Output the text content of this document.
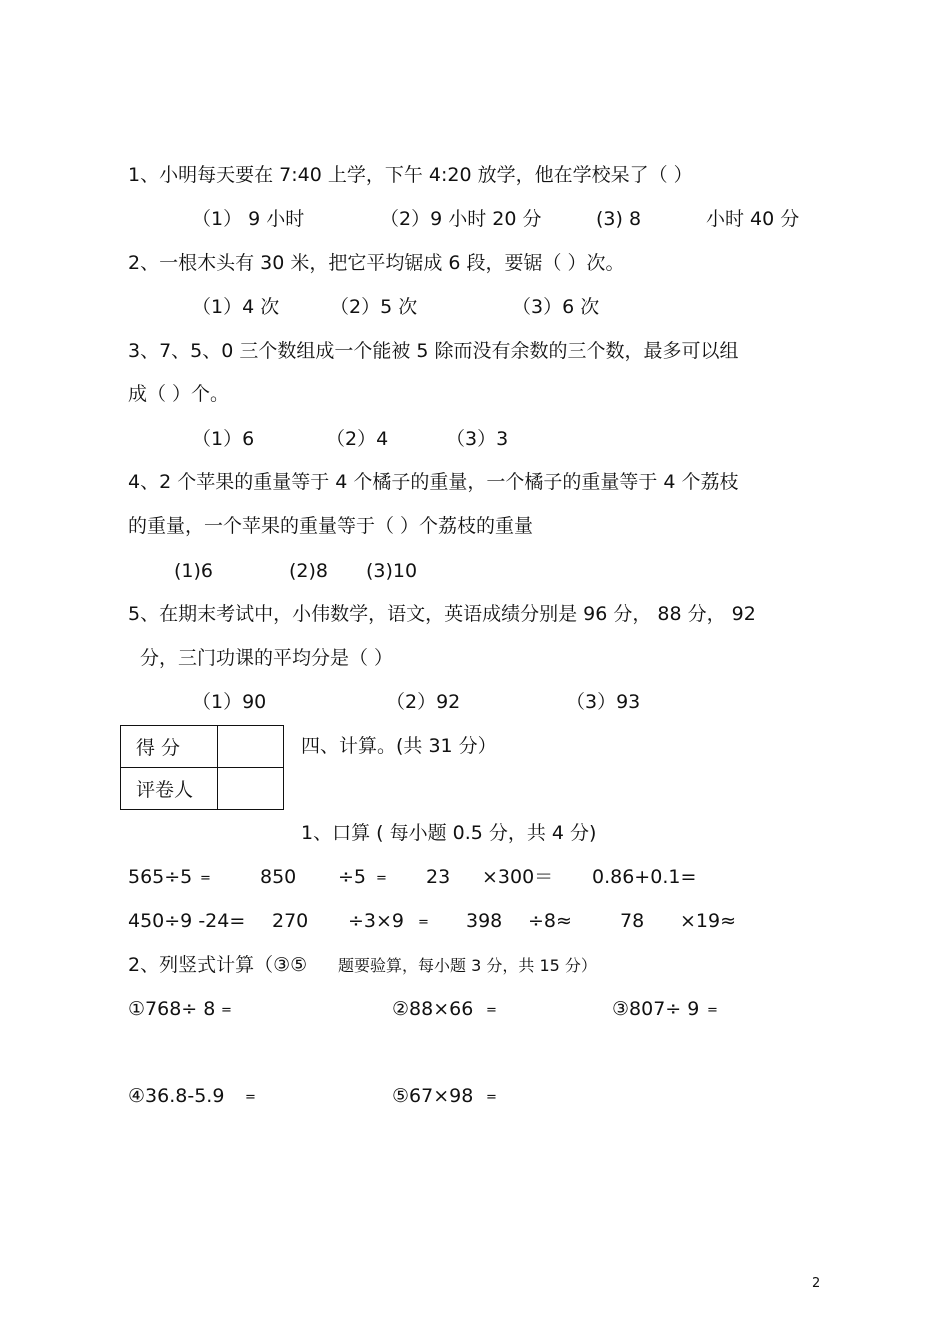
1、小明每天要在 7:40 上学，下午 4:20 放学，他在学校呆了（ ）
（1） 9 小时	（2）9 小时 20 分	(3) 8	小时 40 分
2、一根木头有 30 米，把它平均锯成 6 段，要锯（ ）次。
（1）4 次	（2）5 次	（3）6 次
3、7、5、0 三个数组成一个能被 5 除而没有余数的三个数，最多可以组
成（ ）个。
（1）6	（2）4	（3）3
4、2 个苹果的重量等于 4 个橘子的重量，一个橘子的重量等于 4 个荔枝
的重量，一个苹果的重量等于（ ）个荔枝的重量
(1)6	(2)8 (3)10
5、在期末考试中，小伟数学，语文，英语成绩分别是 96 分， 88 分， 92
分，三门功课的平均分是（ ）
（1）90	（2）92	（3）93
得 分	
评卷人	
四、计算。(共 31 分）
1、口算 ( 每小题 0.5 分，共 4 分)
565÷5 =	850 ÷5 = 23 ×300＝ 0.86+0.1=
450÷9 -24= 270 ÷3×9 = 398 ÷8≈	78 ×19≈
2、列竖式计算（③⑤ 题要验算，每小题 3 分，共 15 分）
①768÷ 8 =	②88×66 =	③807÷ 9 =
④36.8-5.9 =	⑤67×98 =
2
